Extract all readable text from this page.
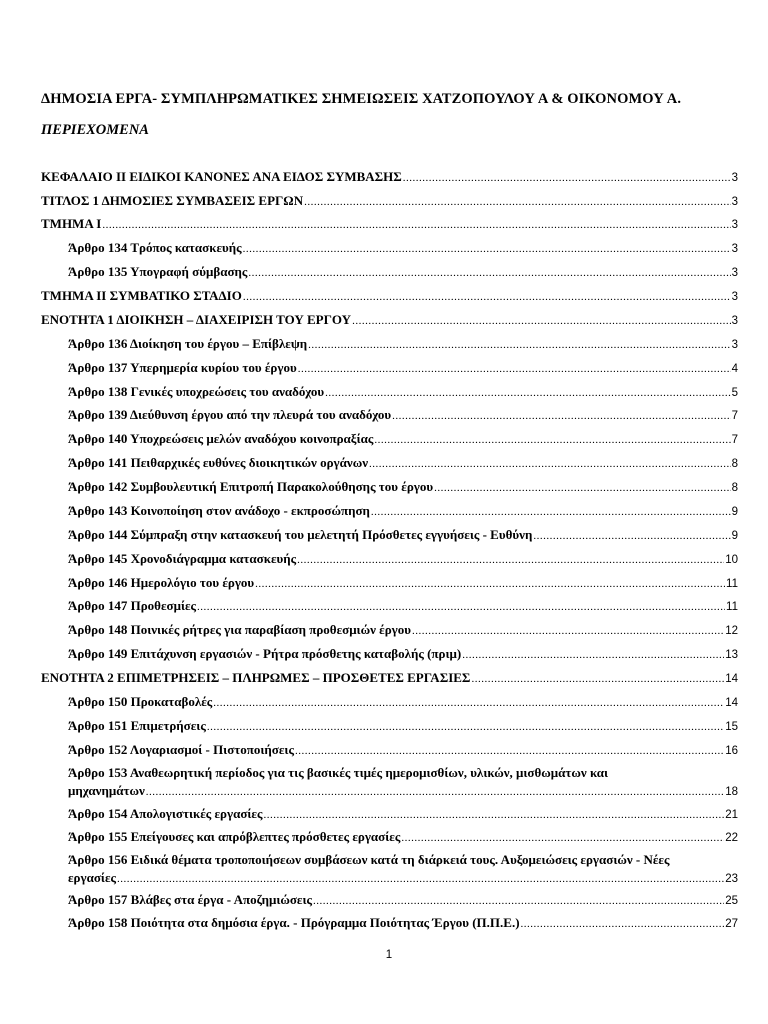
ΔΗΜΟΣΙΑ ΕΡΓΑ- ΣΥΜΠΛΗΡΩΜΑΤΙΚΕΣ ΣΗΜΕΙΩΣΕΙΣ ΧΑΤΖΟΠΟΥΛΟΥ Α & ΟΙΚΟΝΟΜΟΥ Α.
ΠΕΡΙΕΧΟΜΕΝΑ
ΚΕΦΑΛΑΙΟ ΙΙ ΕΙΔΙΚΟΙ ΚΑΝΟΝΕΣ ΑΝΑ ΕΙΔΟΣ ΣΥΜΒΑΣΗΣ .....	3
ΤΙΤΛΟΣ 1 ΔΗΜΟΣΙΕΣ ΣΥΜΒΑΣΕΙΣ ΕΡΓΩΝ .....	3
ΤΜΗΜΑ Ι .....	3
Άρθρο 134 Τρόπος κατασκευής .....	3
Άρθρο 135 Υπογραφή σύμβασης .....	3
ΤΜΗΜΑ ΙΙ ΣΥΜΒΑΤΙΚΟ ΣΤΑΔΙΟ .....	3
ΕΝΟΤΗΤΑ 1 ΔΙΟΙΚΗΣΗ – ΔΙΑΧΕΙΡΙΣΗ ΤΟΥ ΕΡΓΟΥ .....	3
Άρθρο 136 Διοίκηση του έργου – Επίβλεψη .....	3
Άρθρο 137 Υπερημερία κυρίου του έργου .....	4
Άρθρο 138 Γενικές υποχρεώσεις του αναδόχου .....	5
Άρθρο 139 Διεύθυνση έργου από την πλευρά του αναδόχου .....	7
Άρθρο 140 Υποχρεώσεις μελών αναδόχου κοινοπραξίας .....	7
Άρθρο 141 Πειθαρχικές ευθύνες διοικητικών οργάνων .....	8
Άρθρο 142 Συμβουλευτική Επιτροπή Παρακολούθησης του έργου .....	8
Άρθρο 143 Κοινοποίηση στον ανάδοχο - εκπροσώπηση .....	9
Άρθρο 144 Σύμπραξη στην κατασκευή του μελετητή Πρόσθετες εγγυήσεις - Ευθύνη .....	9
Άρθρο 145 Χρονοδιάγραμμα κατασκευής .....	10
Άρθρο 146 Ημερολόγιο του έργου .....	11
Άρθρο 147 Προθεσμίες .....	11
Άρθρο 148 Ποινικές ρήτρες για παραβίαση προθεσμιών έργου .....	12
Άρθρο 149 Επιτάχυνση εργασιών - Ρήτρα πρόσθετης καταβολής (πριμ) .....	13
ΕΝΟΤΗΤΑ 2 ΕΠΙΜΕΤΡΗΣΕΙΣ – ΠΛΗΡΩΜΕΣ – ΠΡΟΣΘΕΤΕΣ ΕΡΓΑΣΙΕΣ .....	14
Άρθρο 150 Προκαταβολές .....	14
Άρθρο 151 Επιμετρήσεις .....	15
Άρθρο 152 Λογαριασμοί - Πιστοποιήσεις .....	16
Άρθρο 153 Αναθεωρητική περίοδος για τις βασικές τιμές ημερομισθίων, υλικών, μισθωμάτων και
μηχανημάτων .....	18
Άρθρο 154 Απολογιστικές εργασίες .....	21
Άρθρο 155 Επείγουσες και απρόβλεπτες πρόσθετες εργασίες .....	22
Άρθρο 156 Ειδικά θέματα τροποποιήσεων συμβάσεων κατά τη διάρκειά τους. Αυξομειώσεις εργασιών - Νέες
εργασίες .....	23
Άρθρο 157 Βλάβες στα έργα - Αποζημιώσεις .....	25
Άρθρο 158 Ποιότητα στα δημόσια έργα. - Πρόγραμμα Ποιότητας Έργου (Π.Π.Ε.) .....	27
1
